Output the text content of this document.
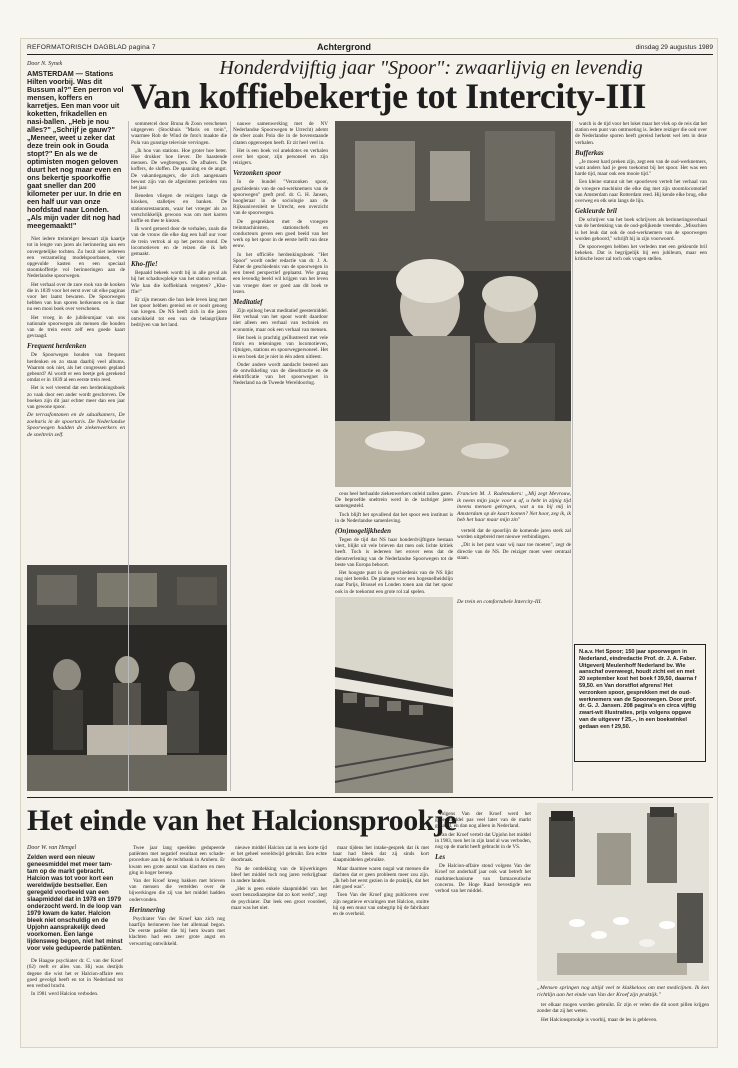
REFORMATORISCH DAGBLAD pagina 7	Achtergrond	dinsdag 29 augustus 1989
Honderdvijftig jaar "Spoor": zwaarlijvig en levendig
Van koffiebekertje tot Intercity-III
Door N. Synek
AMSTERDAM — Stations Hilten voorbij. Was dit Bussum al?" Een perron vol mensen, koffers en karretjes. Een man voor uit koketten, frikadellen en nasi-ballen. „Heb je nou alles?" „Schrijf je gauw?" „Meneer, weet u zeker dat deze trein ook in Gouda stopt?" En als we de optimisten mogen geloven duurt het nog maar even en ons bekertje spoorkoffie gaat sneller dan 200 kilometer per uur. In drie en een half uur van onze hoofdstad naar Londen. „Als mijn vader dit nog had meegemaakt!"

Niet iedere treinreiger bewaart zijn kaartje tot in lengte van jaren als herinnering aan een onvergetelijke tochten. Zo bezit niet iedereen een verzameling modelspoorbanen, vier opgevulde kasten en een speciaal stoomkoffertje vol herinneringen aan de Nederlandse spoorwegen.

Het verhaal over de zure rook van de kooken die in 1839 voor het eerst over uit elke paginas voor het laatst bewaren. De Spoorwegen hebben van hun sporen herkennen en is daar nu een mooi boek over verschenen.

Het vroeg in de jubileumjaar van ons nationale spoorwegen als mensen die houden van de trein eerst zelf een goede kaart gevraagd.

Frequent herdenken

De Spoorwegen houden van frequent herdenken en zo staan daarbij veel albums. Waarom ook niet, als het congressen gepland gebeurd? Al wordt er een beetje gek gerekend omdat er in 1839 al een eerste trein reed.

Het is wel vreemd dat een herdenkingsboek zo vaak door een ander wordt geschreven. De boeken zijn dit jaar echter meer dan een jaar van gewone spoor.

De terrasfontanen en de sdaalkamers, De zoeltaris in de spoortaris. De Nederlandse Spoorwegen hadden de ziekenwerkers en de sneltrein zelf.

sommetcel door Bruna & Zoon verschenen uitgegeven (Stockhuis "Maris en trein", waarmee Rob de Wind de foto's maakte die Pola van gunstige televisie vervingen.

„Ik hou van stations. Hoe groter hoe beter. Hoe drukker hoe liever. De haastende mensen. De wegbrengers. De afhalers. De koffers, de sloffen. De spanning en de angst. De vakantiegangers, die zich aangenaam bewust zijn van de afgesloten perioden van het jaar.

Beneden vliegen de reizigers langs de kiosken, stalletjes en banken. De stationsrestaurants, waar het vroeger als zo verschrikkelijk gewoon was om met karren koffie en thee te kiezen.

Ik word geroerd door de verhalen, zoals die van de vrouw die elke dag een half uur voor de trein vertrok al op het perron stond. De locomotieven en de reizen die ik heb gemaakt.

Kho-ffie!

Bepaald bekeek wordt bij in alle geval als hij het schaduwplekje van het station verlaat. Wie kan die koffieklank vergeten? „Kho-ffie!"

Er zijn mensen die hun hele leven lang met het spoor hebben gereisd en er nooit genoeg van kregen. De NS heeft zich in die jaren ontwikkeld tot een van de belangrijkste bedrijven van het land.

nauwe samenwerking met de NV Nederlandse Spoorwegen te Utrecht) ademt de sfeer zoals Pola die in de bovenstaande citaten opgeroepen heeft. Er zit heel veel in.

Het is een boek vol anekdotes en verhalen over het spoor, zijn personeel en zijn reizigers.

Verzonken spoor

In de bundel "Verzonken spoor, geschiedenis van de oud-werknemers van de spoorwegen" geeft prof. dr. G. H. Jansen, hoogleraar in de sociologie aan de Rijksuniversiteit te Utrecht, een overzicht van de spoorwegen.

De gesprekken met de vroegere treinmachinisten, stationschefs en conducteurs geven een goed beeld van het werk op het spoor in de eerste helft van deze eeuw.

In het officiële herdenkingsboek "Het Spoor" wordt onder redactie van dr. J. A. Faber de geschiedenis van de spoorwegen in een breed perspectief geplaatst. Wie graag een levendig beeld wil krijgen van het leven van vroeger doet er goed aan dit boek te lezen.

Meditatief

Zijn epiloog bevat meditatief geestemiddel. Het verhaal van het spoor wordt daardoor niet alleen een verhaal van techniek en economie, maar ook een verhaal van mensen.

Het boek is prachtig geïllustreerd met vele foto's en tekeningen van locomotieven, rijtuigen, stations en spoorwegpersoneel. Het is een boek dat je niet in één adem uitleest.

Onder andere wordt aandacht besteed aan de ontwikkeling van de dieseltractie en de elektrificatie van het spoorwegnet in Nederland na de Tweede Wereldoorlog.

ceus heel herhaalde ziekenwerkers onleid zullen gaten. De beproefde sneltrein werd in de tachtiger jaren samengesteld.

Toch blijft het opvallend dat het spoor een instituut is in de Nederlandse samenleving.

(On)mogelijkheden

Tegen de tijd dat NS haar honderdvijftigste bestaan viert, blijkt uit vele brieven dat men ook lichte kritiek heeft. Toch is iedereen het erover eens dat de dienstverlening van de Nederlandse Spoorwegen tot de beste van Europa behoort.

Het hoogste punt in de geschiedenis van de NS lijkt nog niet bereikt. De plannen voor een hogesnelheidslijn naar Parijs, Brussel en Londen tonen aan dat het spoor ook in de toekomst een grote rol zal spelen.

Francien M. J. Rademakers: „Mij zegt Mevrouw, ik neem mijn jasje voor u af, u hebt in zijnig tijd ineens mensen gekregen, wat u nu bij mij in Amsterdam op de kaart komen? Net hoor, zeg ik, ik heb het haar maar mijn zin"

verteld dat de spoorlijn de komende jaren sterk zal worden uitgebreid met nieuwe verbindingen.

„Dit is het punt waar wij naar toe moeten", zegt de directie van de NS. De reiziger moet weer centraal staan.

De trein en comfortabele Intercity-III.

watch is de tijd voor het loket maar het vlek op de reis dat het station een punt van ontmoeting is. Iedere reiziger die ooit over de Nederlandse sporen heeft gereisd herkent wel iets in deze verhalen.

Bufferkas

„Je moest hard preken zijn, zegt een van de oud-werknemers, want anders had je geen toekomst bij het spoor. Het was een harde tijd, maar ook een mooie tijd."

Een kleine statuut uit het spoorleven vertelt het verhaal van de vroegere machinist die elke dag met zijn stoomlocomotief van Amsterdam naar Rotterdam reed. Hij kende elke brug, elke overweg en elk sein langs de lijn.

Gekleurde bril

De schrijver van het boek schrijvers als herinneringsverhaal van de herdenking van de oud-gelijkende vreemde. „Misschien is het leuk dat ook de oud-werknemers van de spoorwegen worden gehoord," schrijft hij in zijn voorwoord.

De spoorwegen hebben het verleden met een gekleurde bril bekeken. Dat is begrijpelijk bij een jubileum, maar een kritische lezer zal toch ook vragen stellen.

N.a.v. Het Spoor; 150 jaar spoorwegen in Nederland, eindredactie Prof. dr. J. A. Faber. Uitgeverij Meulenhoff Nederland bv. Wie aanschaf overweegt, houdt zicht eet en met 20 september kost het boek f 39,50, daarna f 59,50. en Van dorstflot afgrens! Het verzonken spoor, gesprekken met de oud-werknemers van de Spoorwegen. Door prof. dr. G. J. Jansen. 208 pagina's en circa vijftig zwart-wit illustraties, prijs volgens opgave van de uitgever f 25,–, in een boekwinkel gedaan een f 29,50.
Het einde van het Halcionsprookje
Door W. van Hengel
Zelden werd een nieuw geneesmiddel met meer tam-tam op de markt gebracht. Halcion was tot voor kort een wereldwijde bestseller. Een geregeld voorbeeld van een slaapmiddel dat in 1978 en 1979 onderzocht werd. In de loop van 1979 kwam de kater. Halcion bleek niet onschuldig en de Upjohn aansprakelijk deed voorkomen. Een lange lijdensweg begon, niet het minst voor vele gedupeerde patiënten.

De Haagse psychiater dr. C. van der Kroef (62) reeft er alles van. Hij was destijds degene die wist het er Halcion-affaire een goed gevolgd heeft en tot in Nederland tot een verbod bracht.

In 1981 werd Halcion verboden.

Twee jaar lang speelden gedupeerde patiënten met negatief resultaat een schade-procedure aan bij de rechtbank in Arnhem. Er kwam een grote aantal van klachten en men ging in hoger beroep.

Van der Kroef kreeg bakken met brieven van mensen die vertelden over de bijwerkingen die zij van het middel hadden ondervonden.

Herinnering

Psychiater Van der Kroef kan zich nog haarfijn herinneren hoe het allemaal begon. De eerste patiënt die bij hem kwam met klachten had een zeer grote angst en verwarring ontwikkeld.

nieuwe middel Halcion zat in een korte tijd er het geheel wereldwijd gebruikt. Een echte doorbraak.

Na de ontdekking van de bijwerkingen bleef het middel toch nog jaren verkrijgbaar in andere landen.

„Het is geen enkele slaapmiddel van het soort benzodiazepine dat zo kort werkt", zegt de psychiater. Dat leek een groot voordeel, maar was het niet.

maar tijdens het intake-gesprek dat ik met haar had bleek dat zij sinds kort slaapmiddelen gebruikte.

Maar daarmee waren nogal wat mensen die dachten dat er geen probleem meer zou zijn. „Ik heb het eerst gezien in de praktijk, dat het niet goed was".

Toen Van der Kroef ging publiceren over zijn negatieve ervaringen met Halcion, stuitte hij op een muur van onbegrip bij de fabrikant en de overheid.

volgens Van der Kroef werd het geneesmiddel pas veel later van de markt gehaald, en dan nog alleen in Nederland.

Van der Kroef vertelt dat Upjohn het middel in 1983, toen het in zijn land al was verboden, nog op de markt heeft gebracht in de VS.

Les

De Halcion-affaire stond volgens Van der Kroef tot anderhalf jaar ook wat betreft het marktmechanisme van farmaceutische concerns. De Hoge Raad bevestigde een verbod van het middel.

„Mensen springen nog altijd veel te klakkeloos om met medicijnen. Ik ken richtlijn aan het einde van Van der Kroef zijn praktijk."

ter elkaar mogen worden gebruikt. Er zijn er velen die dit soort pillen krijgen zonder dat zij het weten.

Het Halcionsprookje is voorbij, maar de les is gebleven.
